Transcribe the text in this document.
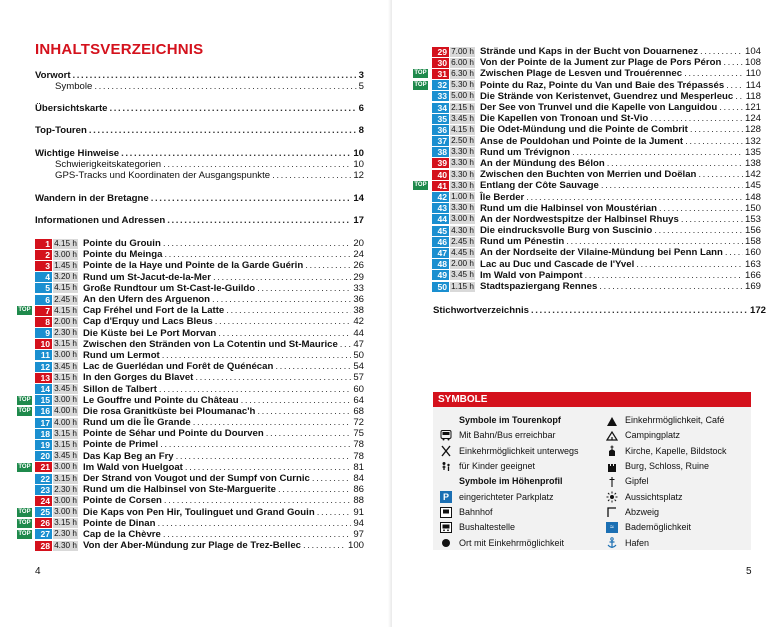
INHALTSVERZEICHNIS
Vorwort .....	3
Symbole .....	5
Übersichtskarte .....	6
Top-Touren .....	8
Wichtige Hinweise .....	10
Schwierigkeitskategorien .....	10
GPS-Tracks und Koordinaten der Ausgangspunkte .....	12
Wandern in der Bretagne .....	14
Informationen und Adressen .....	17
1 4.15 h Pointe du Grouin .....	20
2 3.00 h Pointe du Meinga .....	24
3 1.45 h Pointe de la Haye und Pointe de la Garde Guérin .....	26
4 3.20 h Rund um St-Jacut-de-la-Mer .....	29
5 4.15 h Große Rundtour um St-Cast-le-Guildo .....	33
6 2.45 h An den Ufern des Arguenon .....	36
TOP	7 4.15 h Cap Fréhel und Fort de la Latte .....	38
8 2.00 h Cap d'Erquy und Lacs Bleus .....	42
9 2.30 h Die Küste bei Le Port Morvan .....	44
10 3.15 h Zwischen den Stränden von La Cotentin und St-Maurice ..... 47
11 3.00 h Rund um Lermot .....	50
12 3.45 h Lac de Guerlédan und Forêt de Quénécan .....	54
13 3.15 h In den Gorges du Blavet .....	57
14 3.45 h Sillon de Talbert .....	60
TOP	15 3.00 h Le Gouffre und Pointe du Château .....	64
TOP	16 4.00 h Die rosa Granitküste bei Ploumanac'h .....	68
17 4.00 h Rund um die Île Grande .....	72
18 3.15 h Pointe de Séhar und Pointe du Dourven .....	75
19 3.15 h Pointe de Primel .....	78
20 3.45 h Das Kap Beg an Fry .....	78
TOP	21 3.00 h Im Wald von Huelgoat .....	81
22 3.15 h Der Strand von Vougot und der Sumpf von Curnic .....	84
23 2.30 h Rund um die Halbinsel von Ste-Marguerite .....	86
24 3.00 h Pointe de Corsen .....	88
TOP	25 3.00 h Die Kaps von Pen Hir, Toulinguet und Grand Gouin .....	91
TOP	26 3.15 h Pointe de Dinan .....	94
TOP	27 2.30 h Cap de la Chèvre .....	97
28 4.30 h Von der Aber-Mündung zur Plage de Trez-Bellec .....	100
4
29 7.00 h Strände und Kaps in der Bucht von Douarnenez .....	104
30 6.00 h Von der Pointe de la Jument zur Plage de Pors Péron ..... 108
TOP	31 6.30 h Zwischen Plage de Lesven und Trouérennec .....	110
TOP	32 5.30 h Pointe du Raz, Pointe du Van und Baie des Trépassés ..... 114
33 5.00 h Die Strände von Keristenvet, Guendrez und Mesperleuc ..... 118
34 2.15 h Der See von Trunvel und die Kapelle von Languidou .....	121
35 3.45 h Die Kapellen von Tronoan und St-Vio .....	124
36 4.15 h Die Odet-Mündung und die Pointe de Combrit .....	128
37 2.50 h Anse de Pouldohan und Pointe de la Jument .....	132
38 3.30 h Rund um Trévignon .....	135
39 3.30 h An der Mündung des Bélon .....	138
40 3.30 h Zwischen den Buchten von Merrien und Doëlan .....	142
TOP	41 3.30 h Entlang der Côte Sauvage .....	145
42 1.00 h Île Berder .....	148
43 3.30 h Rund um die Halbinsel von Moustérian .....	150
44 3.00 h An der Nordwestspitze der Halbinsel Rhuys .....	153
45 4.30 h Die eindrucksvolle Burg von Suscinio .....	156
46 2.45 h Rund um Pénestin .....	158
47 4.45 h An der Nordseite der Vilaine-Mündung bei Penn Lann ..... 160
48 2.00 h Lac au Duc und Cascade de l'Yvel .....	163
49 3.45 h Im Wald von Paimpont .....	166
50 1.15 h Stadtspaziergang Rennes .....	169
Stichwortverzeichnis .....	172
5
SYMBOLE
Symbole im Tourenkopf
Mit Bahn/Bus erreichbar
Einkehrmöglichkeit unterwegs
für Kinder geeignet
Symbole im Höhenprofil
P	eingerichteter Parkplatz
Bahnhof
Bushaltestelle
Ort mit Einkehrmöglichkeit
Einkehrmöglichkeit, Café
Campingplatz
Kirche, Kapelle, Bildstock
Burg, Schloss, Ruine
Gipfel
Aussichtsplatz
Abzweig
≈	Bademöglichkeit
Hafen
